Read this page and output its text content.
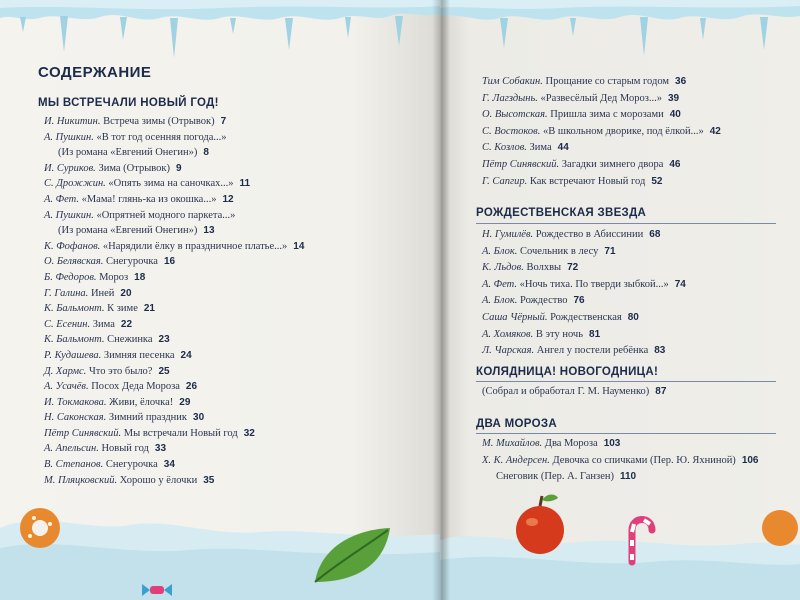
СОДЕРЖАНИЕ
МЫ ВСТРЕЧАЛИ НОВЫЙ ГОД!
И. Никитин. Встреча зимы (Отрывок) 7
А. Пушкин. «В тот год осенняя погода...»
(Из романа «Евгений Онегин») 8
И. Суриков. Зима (Отрывок) 9
С. Дрожжин. «Опять зима на саночках...» 11
А. Фет. «Мама! глянь-ка из окошка...» 12
А. Пушкин. «Опрятней модного паркета...»
(Из романа «Евгений Онегин») 13
К. Фофанов. «Нарядили ёлку в праздничное платье...» 14
О. Белявская. Снегурочка 16
Б. Федоров. Мороз 18
Г. Галина. Иней 20
К. Бальмонт. К зиме 21
С. Есенин. Зима 22
К. Бальмонт. Снежинка 23
Р. Кудашева. Зимняя песенка 24
Д. Хармс. Что это было? 25
А. Усачёв. Посох Деда Мороза 26
И. Токмакова. Живи, ёлочка! 29
Н. Саконская. Зимний праздник 30
Пётр Синявский. Мы встречали Новый год 32
А. Апельсин. Новый год 33
В. Степанов. Снегурочка 34
М. Пляцковский. Хорошо у ёлочки 35
Тим Собакин. Прощание со старым годом 36
Г. Лагздынь. «Развесёлый Дед Мороз...» 39
О. Высотская. Пришла зима с морозами 40
С. Востоков. «В школьном дворике, под ёлкой...» 42
С. Козлов. Зима 44
Пётр Синявский. Загадки зимнего двора 46
Г. Сапгир. Как встречают Новый год 52
РОЖДЕСТВЕНСКАЯ ЗВЕЗДА
Н. Гумилёв. Рождество в Абиссинии 68
А. Блок. Сочельник в лесу 71
К. Льдов. Волхвы 72
А. Фет. «Ночь тиха. По тверди зыбкой...» 74
А. Блок. Рождество 76
Саша Чёрный. Рождественская 80
А. Хомяков. В эту ночь 81
Л. Чарская. Ангел у постели ребёнка 83
КОЛЯДНИЦА! НОВОГОДНИЦА!
(Собрал и обработал Г. М. Науменко) 87
ДВА МОРОЗА
М. Михайлов. Два Мороза 103
Х. К. Андерсен. Девочка со спичками (Пер. Ю. Яхниной) 106
Снеговик (Пер. А. Ганзен) 110
